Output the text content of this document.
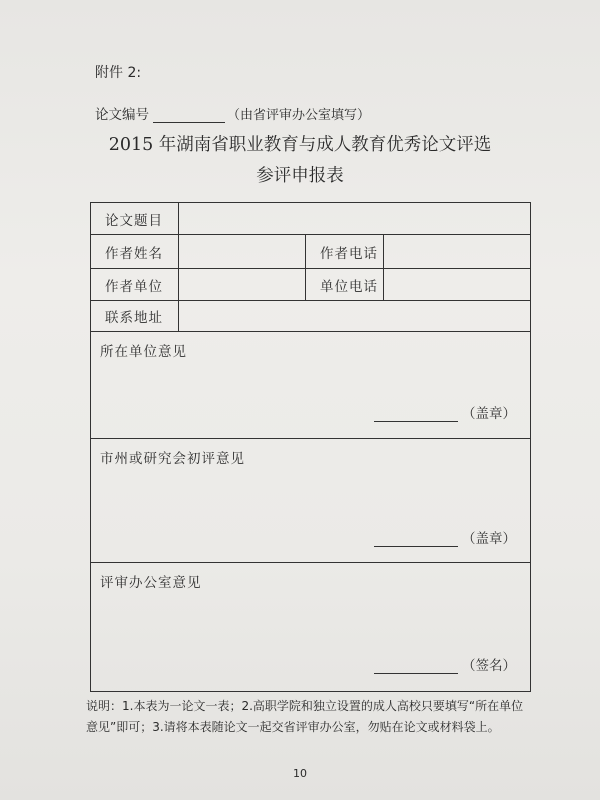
附件 2:
论文编号	（由省评审办公室填写）
2015 年湖南省职业教育与成人教育优秀论文评选
参评申报表
论文题目
作者姓名	作者电话
作者单位	单位电话
联系地址
所在单位意见
（盖章）
市州或研究会初评意见
（盖章）
评审办公室意见
（签名）
说明：1.本表为一论文一表；2.高职学院和独立设置的成人高校只要填写“所在单位
意见”即可；3.请将本表随论文一起交省评审办公室，勿贴在论文或材料袋上。
10
